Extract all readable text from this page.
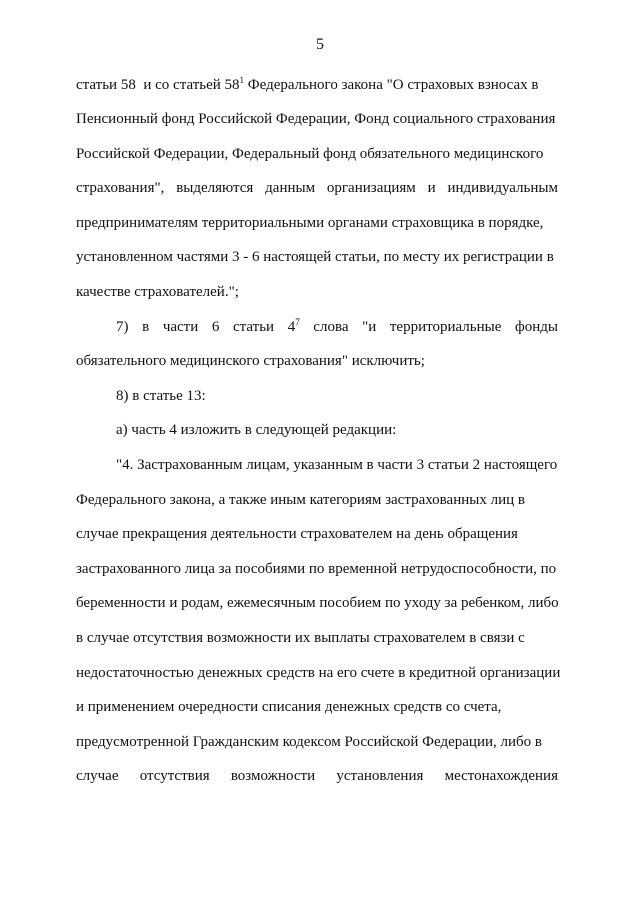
5
статьи 58 и со статьей $58^1$ Федерального закона "О страховых взносах в
Пенсионный фонд Российской Федерации, Фонд социального страхования
Российской Федерации, Федеральный фонд обязательного медицинского
страхования", выделяются данным организациям и индивидуальным
предпринимателям территориальными органами страховщика в порядке,
установленном частями 3 - 6 настоящей статьи, по месту их регистрации в
качестве страхователей.";
7) в части 6 статьи $4^7$ слова "и территориальные фонды
обязательного медицинского страхования" исключить;
8) в статье 13:
а) часть 4 изложить в следующей редакции:
"4. Застрахованным лицам, указанным в части 3 статьи 2 настоящего
Федерального закона, а также иным категориям застрахованных лиц в
случае прекращения деятельности страхователем на день обращения
застрахованного лица за пособиями по временной нетрудоспособности, по
беременности и родам, ежемесячным пособием по уходу за ребенком, либо
в случае отсутствия возможности их выплаты страхователем в связи с
недостаточностью денежных средств на его счете в кредитной организации
и применением очередности списания денежных средств со счета,
предусмотренной Гражданским кодексом Российской Федерации, либо в
случае отсутствия возможности установления местонахождения
